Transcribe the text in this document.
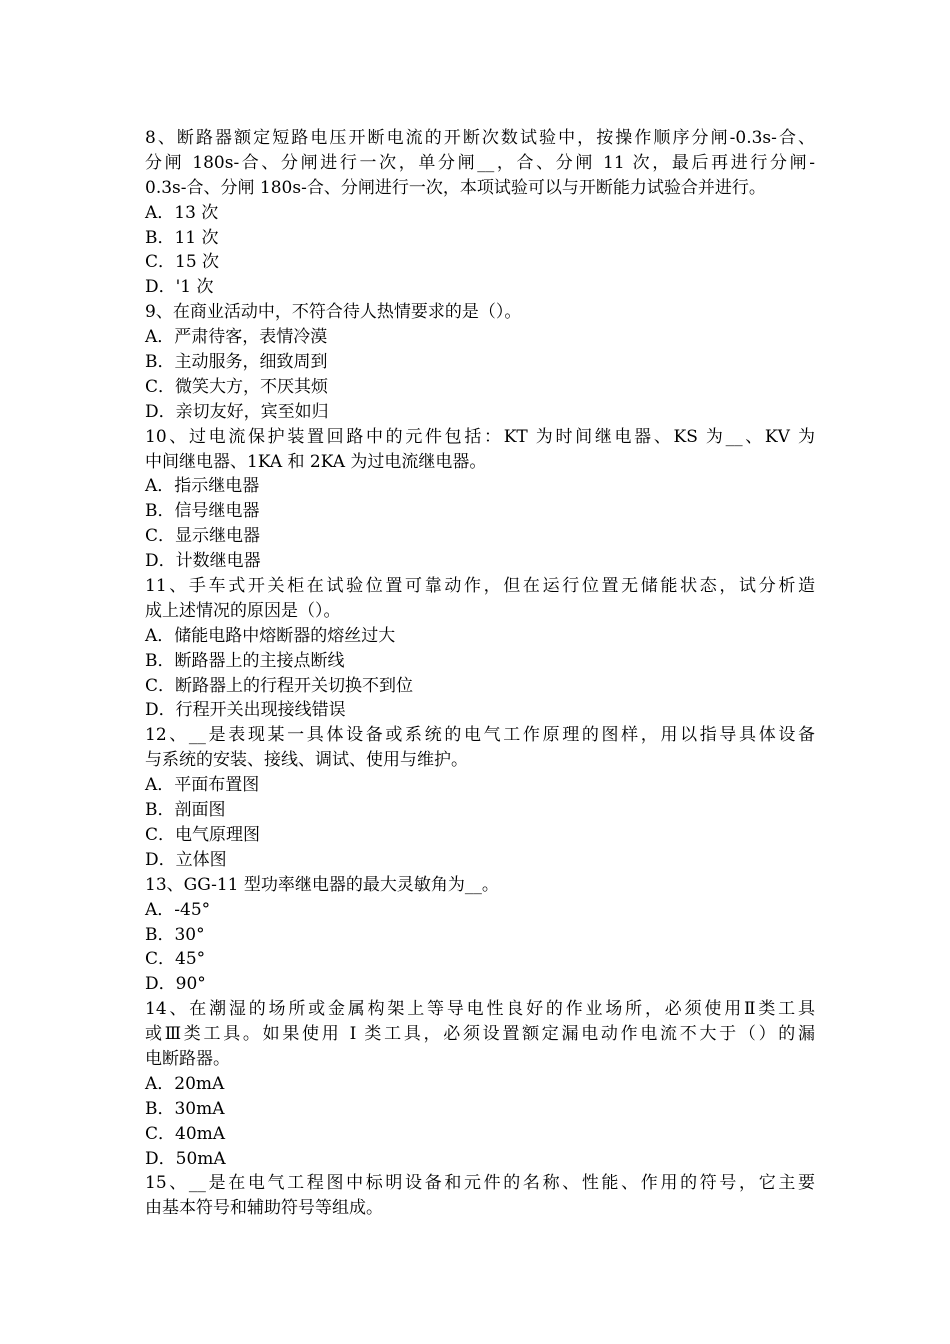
8、断路器额定短路电压开断电流的开断次数试验中，按操作顺序分闸-0.3s-合、
分闸 180s-合、分闸进行一次，单分闸__，合、分闸 11 次，最后再进行分闸-
0.3s-合、分闸 180s-合、分闸进行一次，本项试验可以与开断能力试验合并进行。
A．13 次
B．11 次
C．15 次
D．'1 次
9、在商业活动中，不符合待人热情要求的是（）。
A．严肃待客，表情冷漠
B．主动服务，细致周到
C．微笑大方，不厌其烦
D．亲切友好，宾至如归
10、过电流保护装置回路中的元件包括：KT 为时间继电器、KS 为__、KV 为
中间继电器、1KA 和 2KA 为过电流继电器。
A．指示继电器
B．信号继电器
C．显示继电器
D．计数继电器
11、手车式开关柜在试验位置可靠动作，但在运行位置无储能状态，试分析造
成上述情况的原因是（）。
A．储能电路中熔断器的熔丝过大
B．断路器上的主接点断线
C．断路器上的行程开关切换不到位
D．行程开关出现接线错误
12、__是表现某一具体设备或系统的电气工作原理的图样，用以指导具体设备
与系统的安装、接线、调试、使用与维护。
A．平面布置图
B．剖面图
C．电气原理图
D．立体图
13、GG-11 型功率继电器的最大灵敏角为__。
A．-45°
B．30°
C．45°
D．90°
14、在潮湿的场所或金属构架上等导电性良好的作业场所，必须使用Ⅱ类工具
或Ⅲ类工具。如果使用 I 类工具，必须设置额定漏电动作电流不大于（）的漏
电断路器。
A．20mA
B．30mA
C．40mA
D．50mA
15、__是在电气工程图中标明设备和元件的名称、性能、作用的符号，它主要
由基本符号和辅助符号等组成。
